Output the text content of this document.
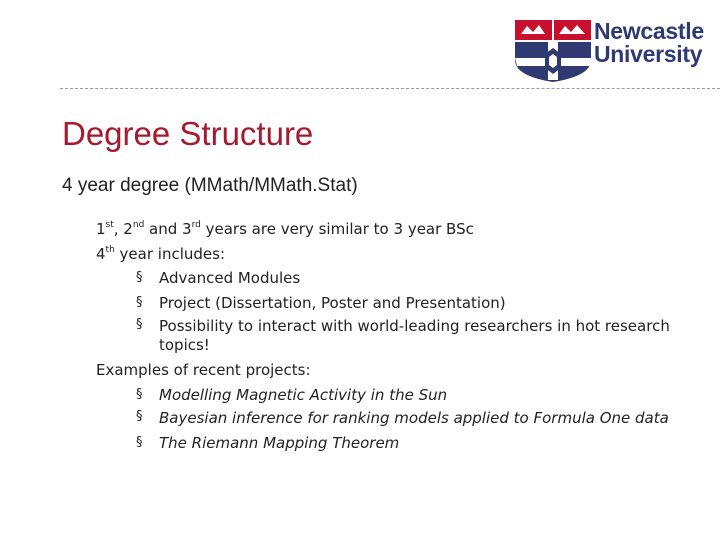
Newcastle
University
Degree Structure
4 year degree (MMath/MMath.Stat)
1st, 2nd and 3rd years are very similar to 3 year BSc
4th year includes:
§ Advanced Modules
§ Project (Dissertation, Poster and Presentation)
§ Possibility to interact with world-leading researchers in hot research topics!
Examples of recent projects:
§ Modelling Magnetic Activity in the Sun
§ Bayesian inference for ranking models applied to Formula One data
§ The Riemann Mapping Theorem
